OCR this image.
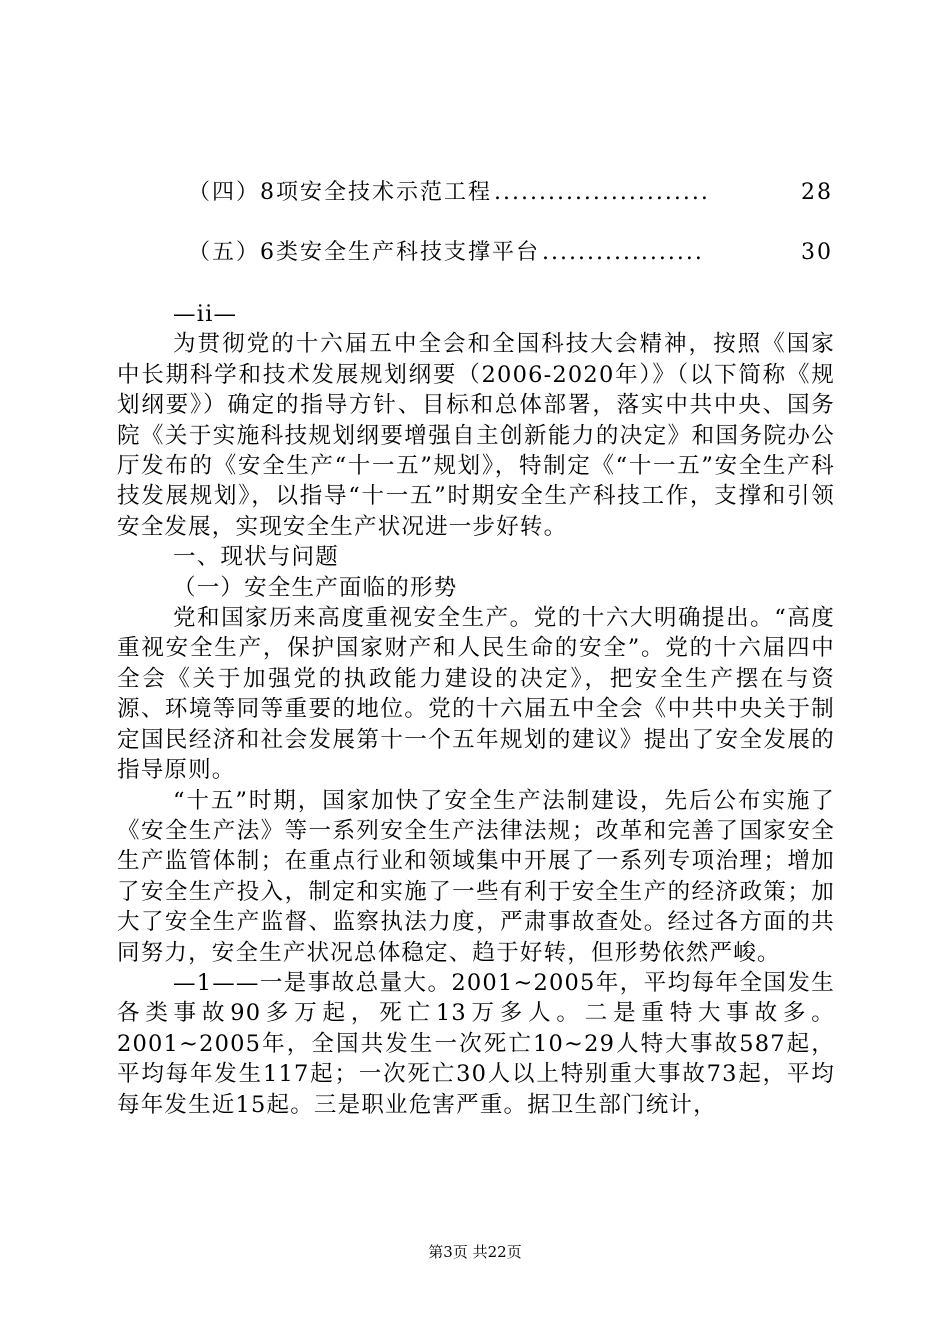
（四）8项安全技术示范工程 ........................	28
（五）6类安全生产科技支撑平台 ..................	30

—ii—

为贯彻党的十六届五中全会和全国科技大会精神，按照《国家中长期科学和技术发展规划纲要（2006-2020年）》（以下简称《规划纲要》）确定的指导方针、目标和总体部署，落实中共中央、国务院《关于实施科技规划纲要增强自主创新能力的决定》和国务院办公厅发布的《安全生产“十一五”规划》，特制定《“十一五”安全生产科技发展规划》，以指导“十一五”时期安全生产科技工作，支撑和引领安全发展，实现安全生产状况进一步好转。

一、现状与问题

（一）安全生产面临的形势

党和国家历来高度重视安全生产。党的十六大明确提出。“高度重视安全生产，保护国家财产和人民生命的安全”。党的十六届四中全会《关于加强党的执政能力建设的决定》，把安全生产摆在与资源、环境等同等重要的地位。党的十六届五中全会《中共中央关于制定国民经济和社会发展第十一个五年规划的建议》提出了安全发展的指导原则。

“十五”时期，国家加快了安全生产法制建设，先后公布实施了《安全生产法》等一系列安全生产法律法规；改革和完善了国家安全生产监管体制；在重点行业和领域集中开展了一系列专项治理；增加了安全生产投入，制定和实施了一些有利于安全生产的经济政策；加大了安全生产监督、监察执法力度，严肃事故查处。经过各方面的共同努力，安全生产状况总体稳定、趋于好转，但形势依然严峻。

—1——一是事故总量大。2001~2005年，平均每年全国发生各类事故90多万起，死亡13万多人。二是重特大事故多。2001~2005年，全国共发生一次死亡10~29人特大事故587起，平均每年发生117起；一次死亡30人以上特别重大事故73起，平均每年发生近15起。三是职业危害严重。据卫生部门统计，

第3页 共22页
